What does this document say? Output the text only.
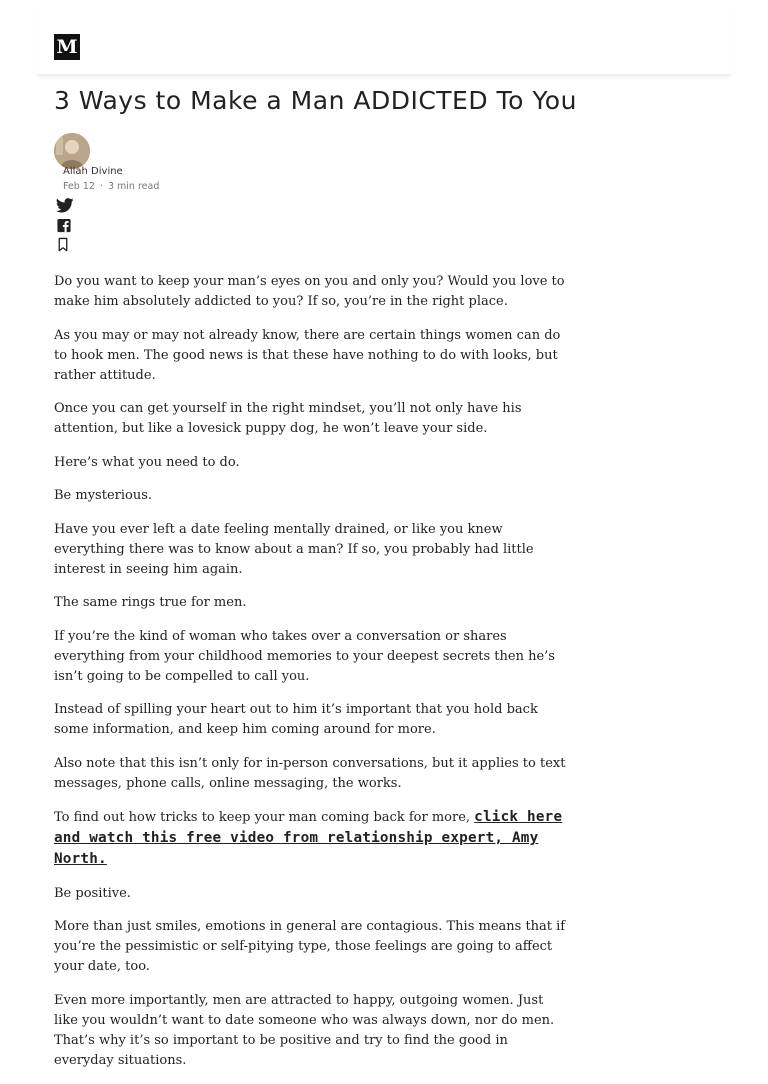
M
3 Ways to Make a Man ADDICTED To You
Allah Divine
Feb 12 · 3 min read

Do you want to keep your man’s eyes on you and only you? Would you love to make him absolutely addicted to you? If so, you’re in the right place.

As you may or may not already know, there are certain things women can do to hook men. The good news is that these have nothing to do with looks, but rather attitude.

Once you can get yourself in the right mindset, you’ll not only have his attention, but like a lovesick puppy dog, he won’t leave your side.

Here’s what you need to do.

Be mysterious.

Have you ever left a date feeling mentally drained, or like you knew everything there was to know about a man? If so, you probably had little interest in seeing him again.

The same rings true for men.

If you’re the kind of woman who takes over a conversation or shares everything from your childhood memories to your deepest secrets then he’s isn’t going to be compelled to call you.

Instead of spilling your heart out to him it’s important that you hold back some information, and keep him coming around for more.

Also note that this isn’t only for in-person conversations, but it applies to text messages, phone calls, online messaging, the works.

To find out how tricks to keep your man coming back for more, click here and watch this free video from relationship expert, Amy North.

Be positive.

More than just smiles, emotions in general are contagious. This means that if you’re the pessimistic or self-pitying type, those feelings are going to affect your date, too.

Even more importantly, men are attracted to happy, outgoing women. Just like you wouldn’t want to date someone who was always down, nor do men. That’s why it’s so important to be positive and try to find the good in everyday situations.
